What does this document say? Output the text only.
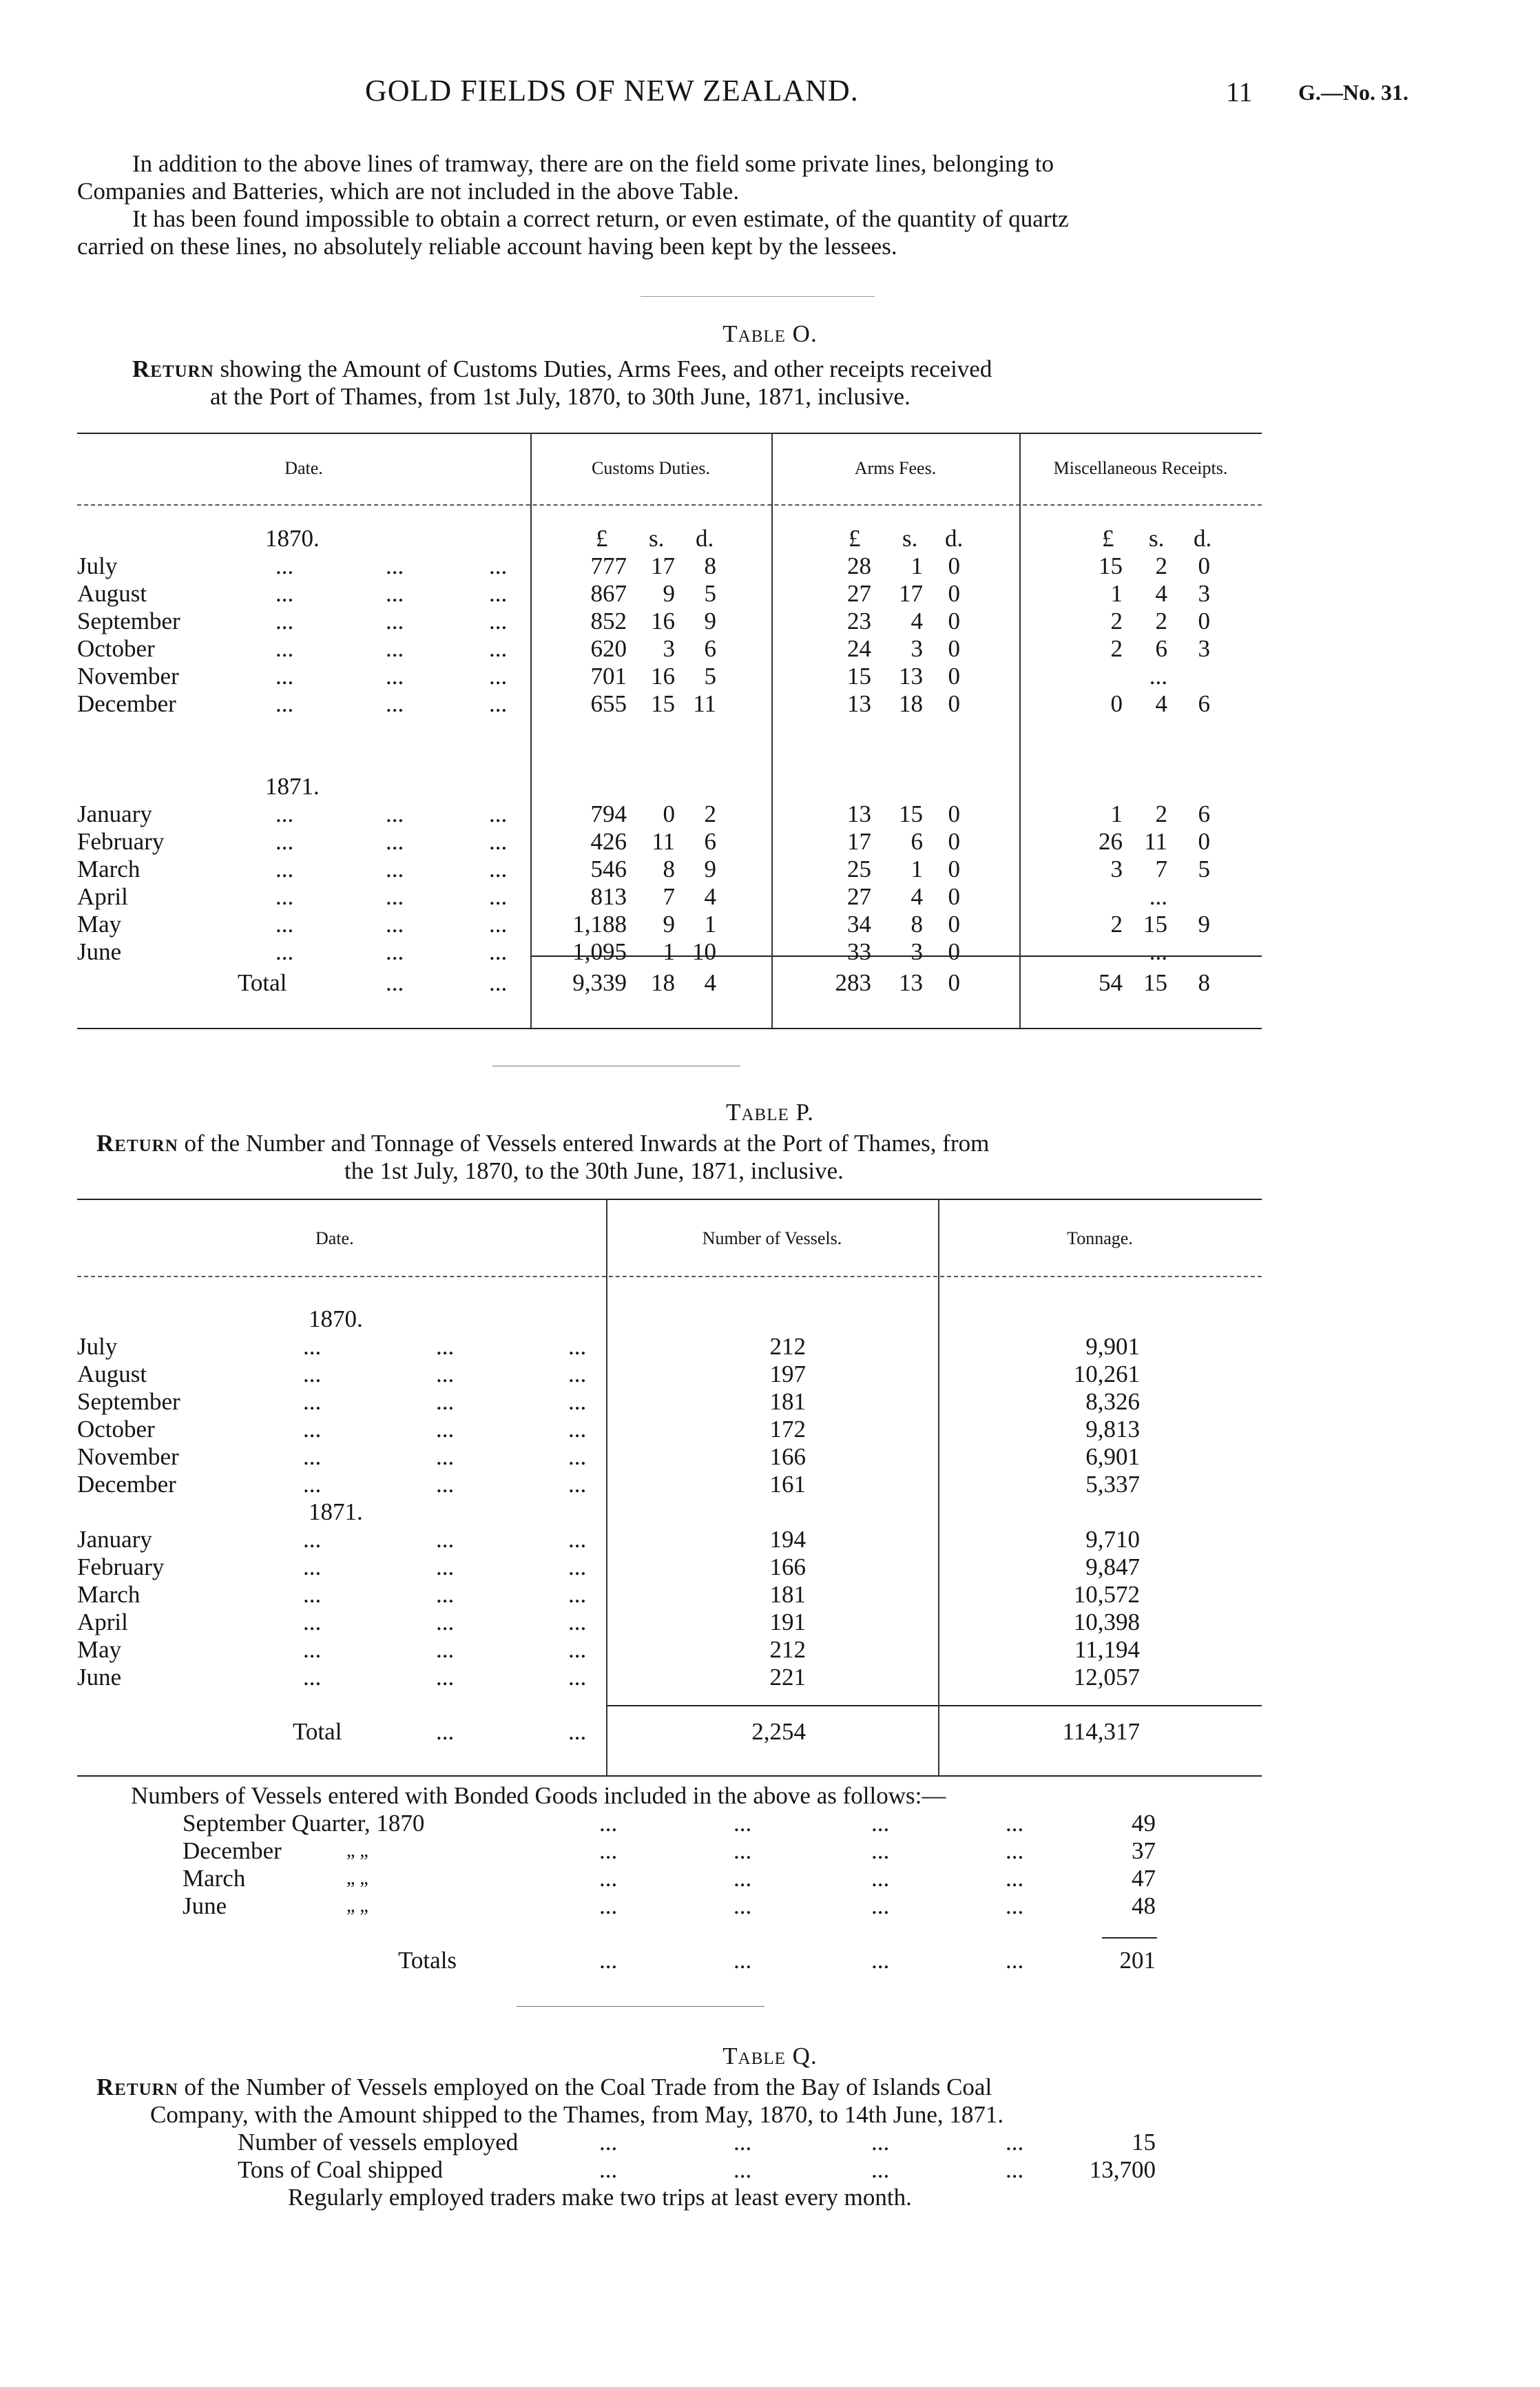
GOLD FIELDS OF NEW ZEALAND.	11 G.—No. 31.
In addition to the above lines of tramway, there are on the field some private lines, belonging to
Companies and Batteries, which are not included in the above Table.
It has been found impossible to obtain a correct return, or even estimate, of the quantity of quartz
carried on these lines, no absolutely reliable account having been kept by the lessees.
Table O.
Return showing the Amount of Customs Duties, Arms Fees, and other receipts received
at the Port of Thames, from 1st July, 1870, to 30th June, 1871, inclusive.
Date.	Customs Duties.	Arms Fees.	Miscellaneous Receipts.
1870.
1871.
£ s. d.	£ s. d.	£ s. d.
July	...	...	...	777	17	8	28	1	0	15	2	0
August	...	...	...	867	9	5	27	17	0	1	4	3
September	...	...	...	852	16	9	23	4	0	2	2	0
October	...	...	...	620	3	6	24	3	0	2	6	3
November	...	...	...	701	16	5	15	13	0	...
December	...	...	...	655	15 11	13	18	0	0	4	6
January	...	...	...	794	0	2	13	15	0	1	2	6
February	...	...	...	426	11	6	17	6	0	26 11	0
March	...	...	...	546	8	9	25	1	0	3	7	5
April	...	...	...	813	7	4	27	4	0	...
May	...	...	...	1,188	9	1	34	8	0	2 15	9
June	...	...	...	1,095	1 10	33	3	0	...
Total	...	...	9,339	18	4	283	13	0	54 15	8
Table P.
Return of the Number and Tonnage of Vessels entered Inwards at the Port of Thames, from
the 1st July, 1870, to the 30th June, 1871, inclusive.
Date.	Number of Vessels.	Tonnage.
1870.
1871.
July	...	...	...	212	9,901
August	...	...	...	197	10,261
September	...	...	...	181	8,326
October	...	...	...	172	9,813
November	...	...	...	166	6,901
December	...	...	...	161	5,337
January	...	...	...	194	9,710
February	...	...	...	166	9,847
March	...	...	...	181	10,572
April	...	...	...	191	10,398
May	...	...	...	212	11,194
June	...	...	...	221	12,057
Total	...	...	2,254	114,317
Numbers of Vessels entered with Bonded Goods included in the above as follows:—
September Quarter, 1870	...	...	...	...	49
December	„ „	...	...	...	...	37
March	„ „	...	...	...	...	47
June	„ „	...	...	...	...	48
Totals	...	...	...	...	201
Table Q.
Return of the Number of Vessels employed on the Coal Trade from the Bay of Islands Coal
Company, with the Amount shipped to the Thames, from May, 1870, to 14th June, 1871.
Number of vessels employed	...	...	...	...	15
Tons of Coal shipped	...	...	...	...	13,700
Regularly employed traders make two trips at least every month.
